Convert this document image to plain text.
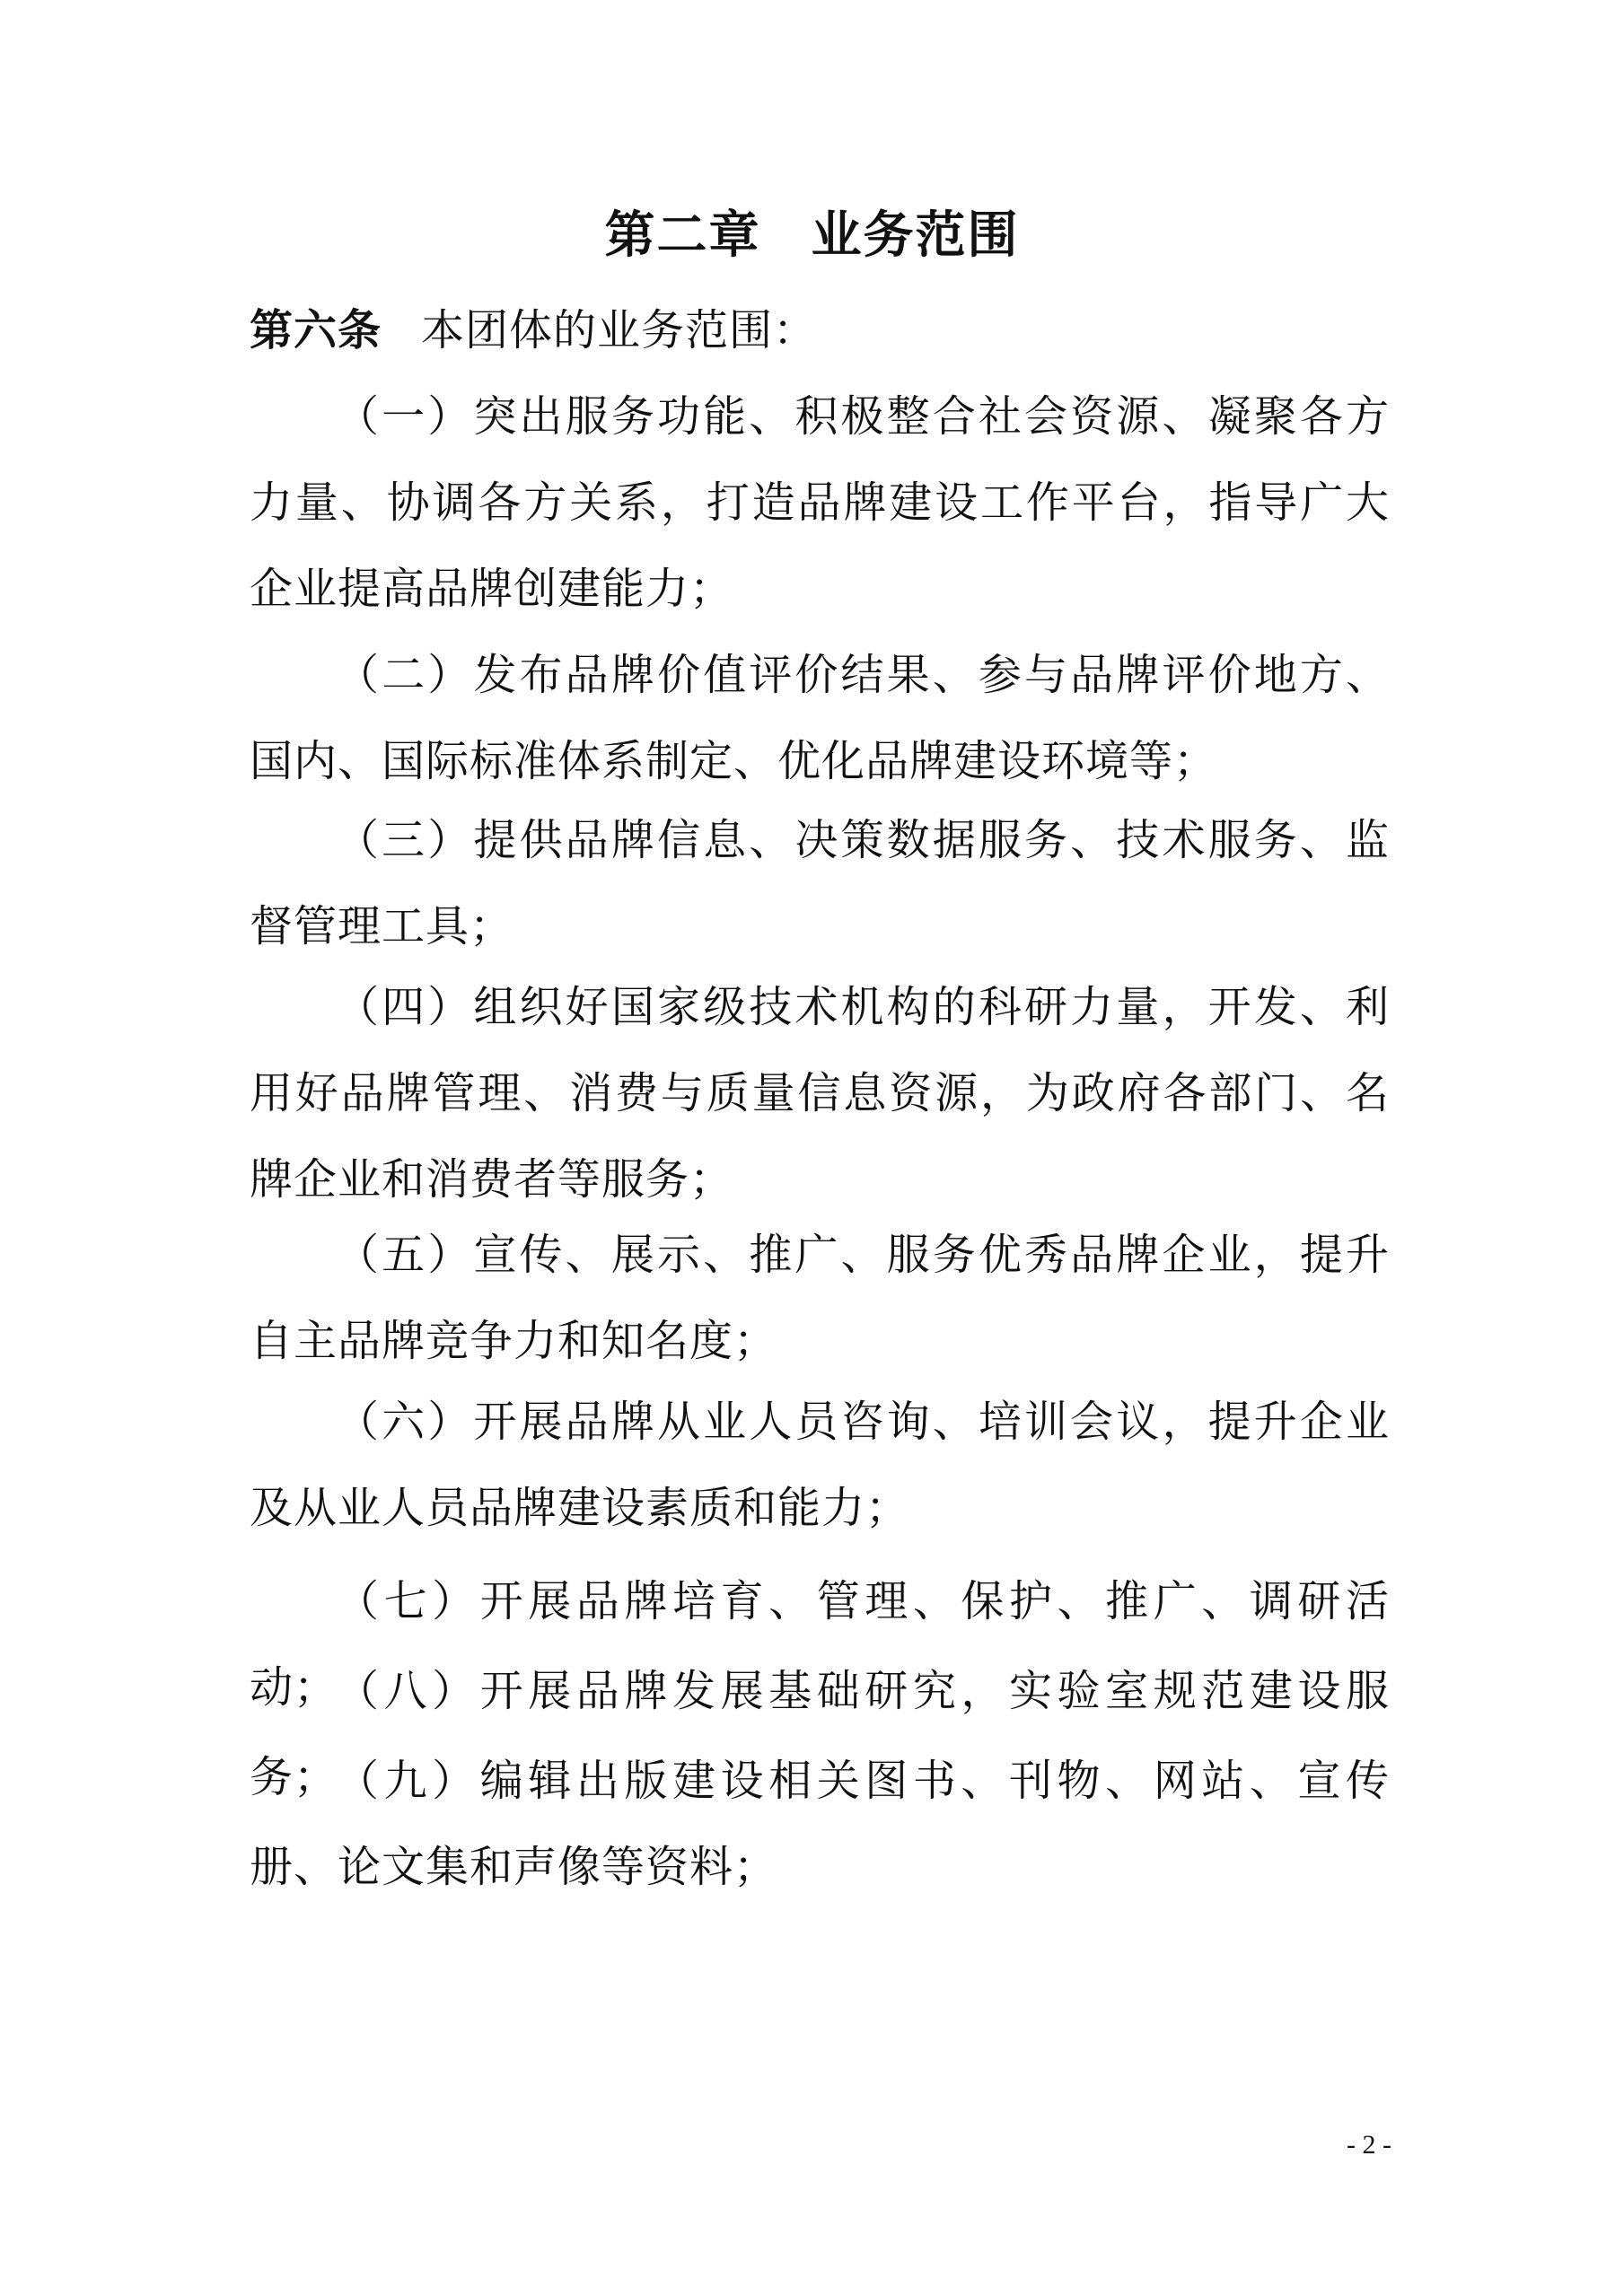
第二章 业务范围

第六条 本团体的业务范围：

（一）突出服务功能、积极整合社会资源、凝聚各方力量、协调各方关系，打造品牌建设工作平台，指导广大企业提高品牌创建能力；

（二）发布品牌价值评价结果、参与品牌评价地方、国内、国际标准体系制定、优化品牌建设环境等；

（三）提供品牌信息、决策数据服务、技术服务、监督管理工具；

（四）组织好国家级技术机构的科研力量，开发、利用好品牌管理、消费与质量信息资源，为政府各部门、名牌企业和消费者等服务；

（五）宣传、展示、推广、服务优秀品牌企业，提升自主品牌竞争力和知名度；

（六）开展品牌从业人员咨询、培训会议，提升企业及从业人员品牌建设素质和能力；

（七）开展品牌培育、管理、保护、推广、调研活动；

（八）开展品牌发展基础研究，实验室规范建设服务；

（九）编辑出版建设相关图书、刊物、网站、宣传册、论文集和声像等资料；

- 2 -
